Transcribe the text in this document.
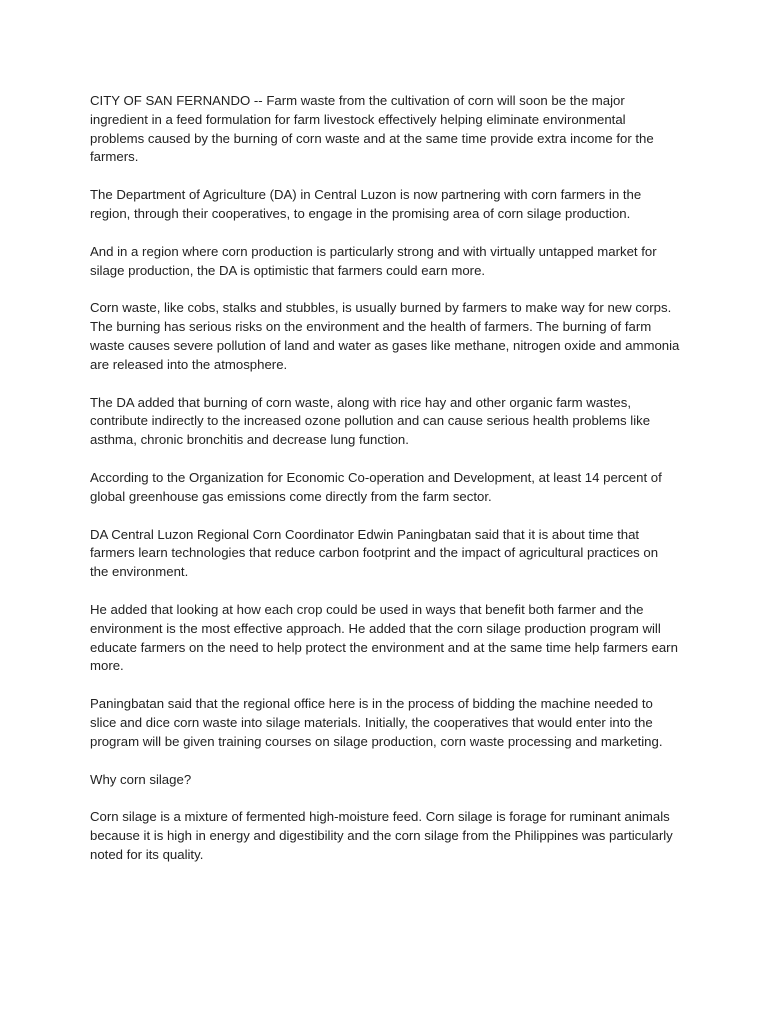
CITY OF SAN FERNANDO -- Farm waste from the cultivation of corn will soon be the major ingredient in a feed formulation for farm livestock effectively helping eliminate environmental problems caused by the burning of corn waste and at the same time provide extra income for the farmers.

The Department of Agriculture (DA) in Central Luzon is now partnering with corn farmers in the region, through their cooperatives, to engage in the promising area of corn silage production.

And in a region where corn production is particularly strong and with virtually untapped market for silage production, the DA is optimistic that farmers could earn more.

Corn waste, like cobs, stalks and stubbles, is usually burned by farmers to make way for new corps. The burning has serious risks on the environment and the health of farmers. The burning of farm waste causes severe pollution of land and water as gases like methane, nitrogen oxide and ammonia are released into the atmosphere.

The DA added that burning of corn waste, along with rice hay and other organic farm wastes, contribute indirectly to the increased ozone pollution and can cause serious health problems like asthma, chronic bronchitis and decrease lung function.

According to the Organization for Economic Co-operation and Development, at least 14 percent of global greenhouse gas emissions come directly from the farm sector.

DA Central Luzon Regional Corn Coordinator Edwin Paningbatan said that it is about time that farmers learn technologies that reduce carbon footprint and the impact of agricultural practices on the environment.

He added that looking at how each crop could be used in ways that benefit both farmer and the environment is the most effective approach. He added that the corn silage production program will educate farmers on the need to help protect the environment and at the same time help farmers earn more.

Paningbatan said that the regional office here is in the process of bidding the machine needed to slice and dice corn waste into silage materials. Initially, the cooperatives that would enter into the program will be given training courses on silage production, corn waste processing and marketing.

Why corn silage?

Corn silage is a mixture of fermented high-moisture feed. Corn silage is forage for ruminant animals because it is high in energy and digestibility and the corn silage from the Philippines was particularly noted for its quality.
